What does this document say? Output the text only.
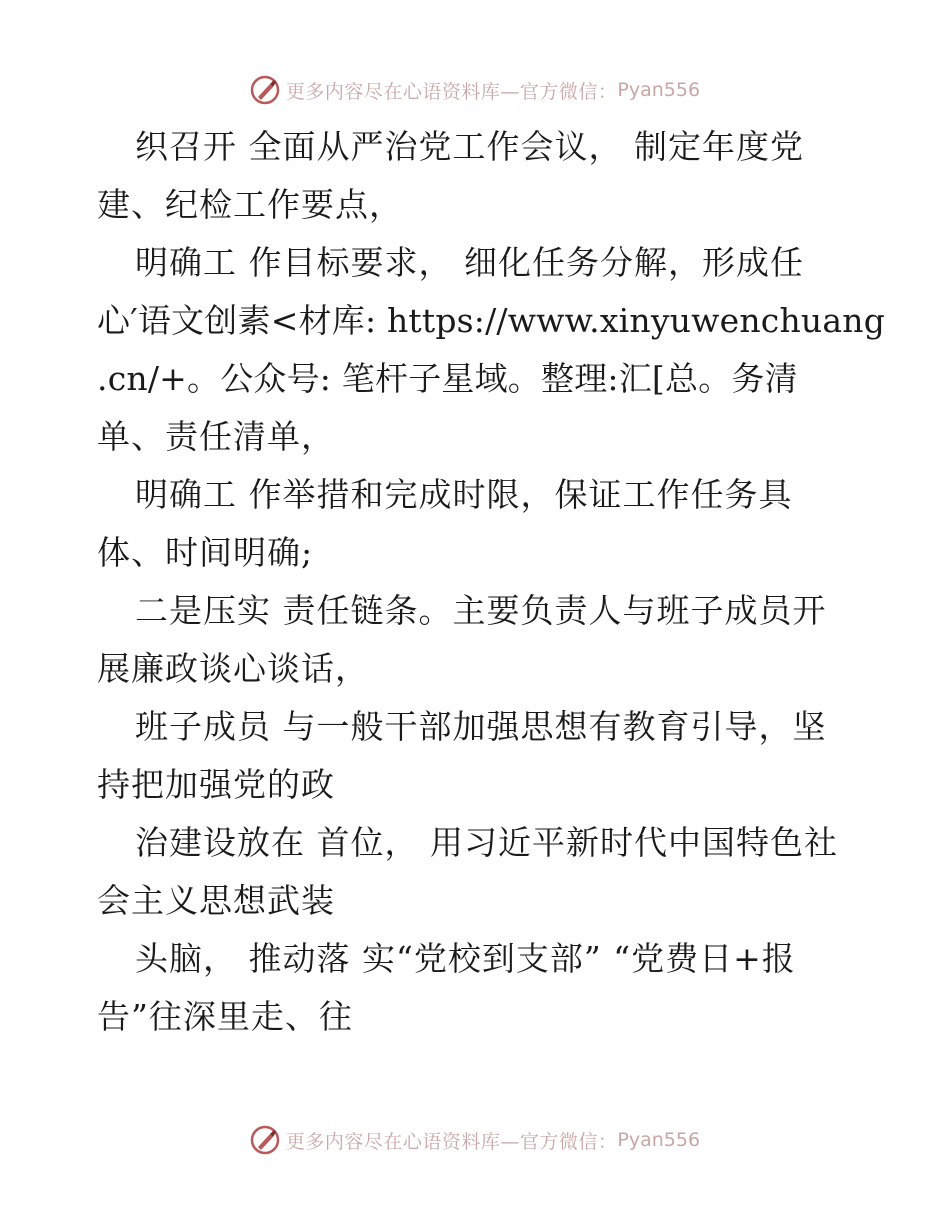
更多内容尽在心语资料库—官方微信： Pyan556
织召开 全面从严治党工作会议， 制定年度党
建、纪检工作要点，
明确工 作目标要求， 细化任务分解，形成任
心′语文创素<材库: https://www.xinyuwenchuang
.cn/+。公众号: 笔杆子星域。整理:汇[总。务清
单、责任清单，
明确工 作举措和完成时限，保证工作任务具
体、时间明确;
二是压实 责任链条。主要负责人与班子成员开
展廉政谈心谈话，
班子成员 与一般干部加强思想有教育引导，坚
持把加强党的政
治建设放在 首位， 用习近平新时代中国特色社
会主义思想武装
头脑， 推动落 实“党校到支部” “党费日+报
告”往深里走、往
更多内容尽在心语资料库—官方微信： Pyan556
